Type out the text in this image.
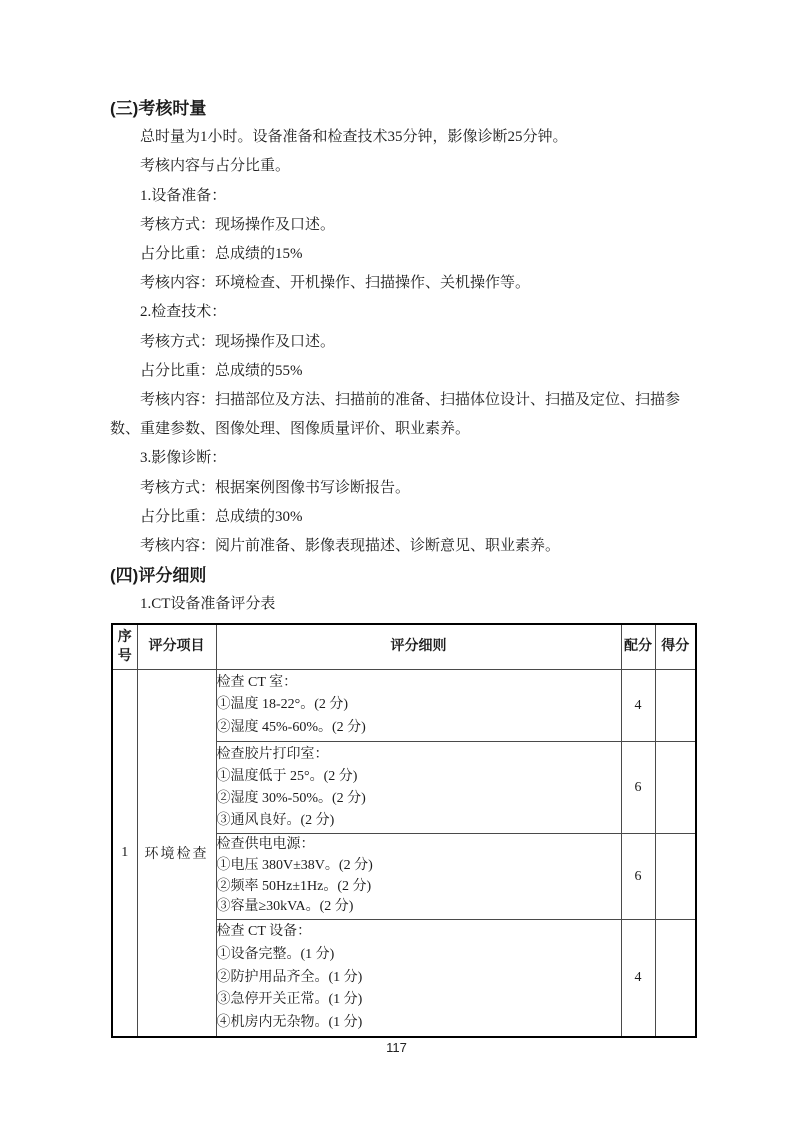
(三)考核时量

总时量为1小时。设备准备和检查技术35分钟，影像诊断25分钟。

考核内容与占分比重。

1.设备准备：

考核方式：现场操作及口述。

占分比重：总成绩的15%

考核内容：环境检查、开机操作、扫描操作、关机操作等。

2.检查技术：

考核方式：现场操作及口述。

占分比重：总成绩的55%

考核内容：扫描部位及方法、扫描前的准备、扫描体位设计、扫描及定位、扫描参

数、重建参数、图像处理、图像质量评价、职业素养。

3.影像诊断：

考核方式：根据案例图像书写诊断报告。

占分比重：总成绩的30%

考核内容：阅片前准备、影像表现描述、诊断意见、职业素养。

(四)评分细则

1.CT设备准备评分表

序号	评分项目	评分细则	配分	得分
1	环境检查	检查 CT 室：
①温度 18-22°。(2 分)
②湿度 45%-60%。(2 分)	4	

		检查胶片打印室：
①温度低于 25°。(2 分)
②湿度 30%-50%。(2 分)
③通风良好。(2 分)	6	

		检查供电电源：
①电压 380V±38V。(2 分)
②频率 50Hz±1Hz。(2 分)
③容量≥30kVA。(2 分)	6	

		检查 CT 设备：
①设备完整。(1 分)
②防护用品齐全。(1 分)
③急停开关正常。(1 分)
④机房内无杂物。(1 分)	4	
117
